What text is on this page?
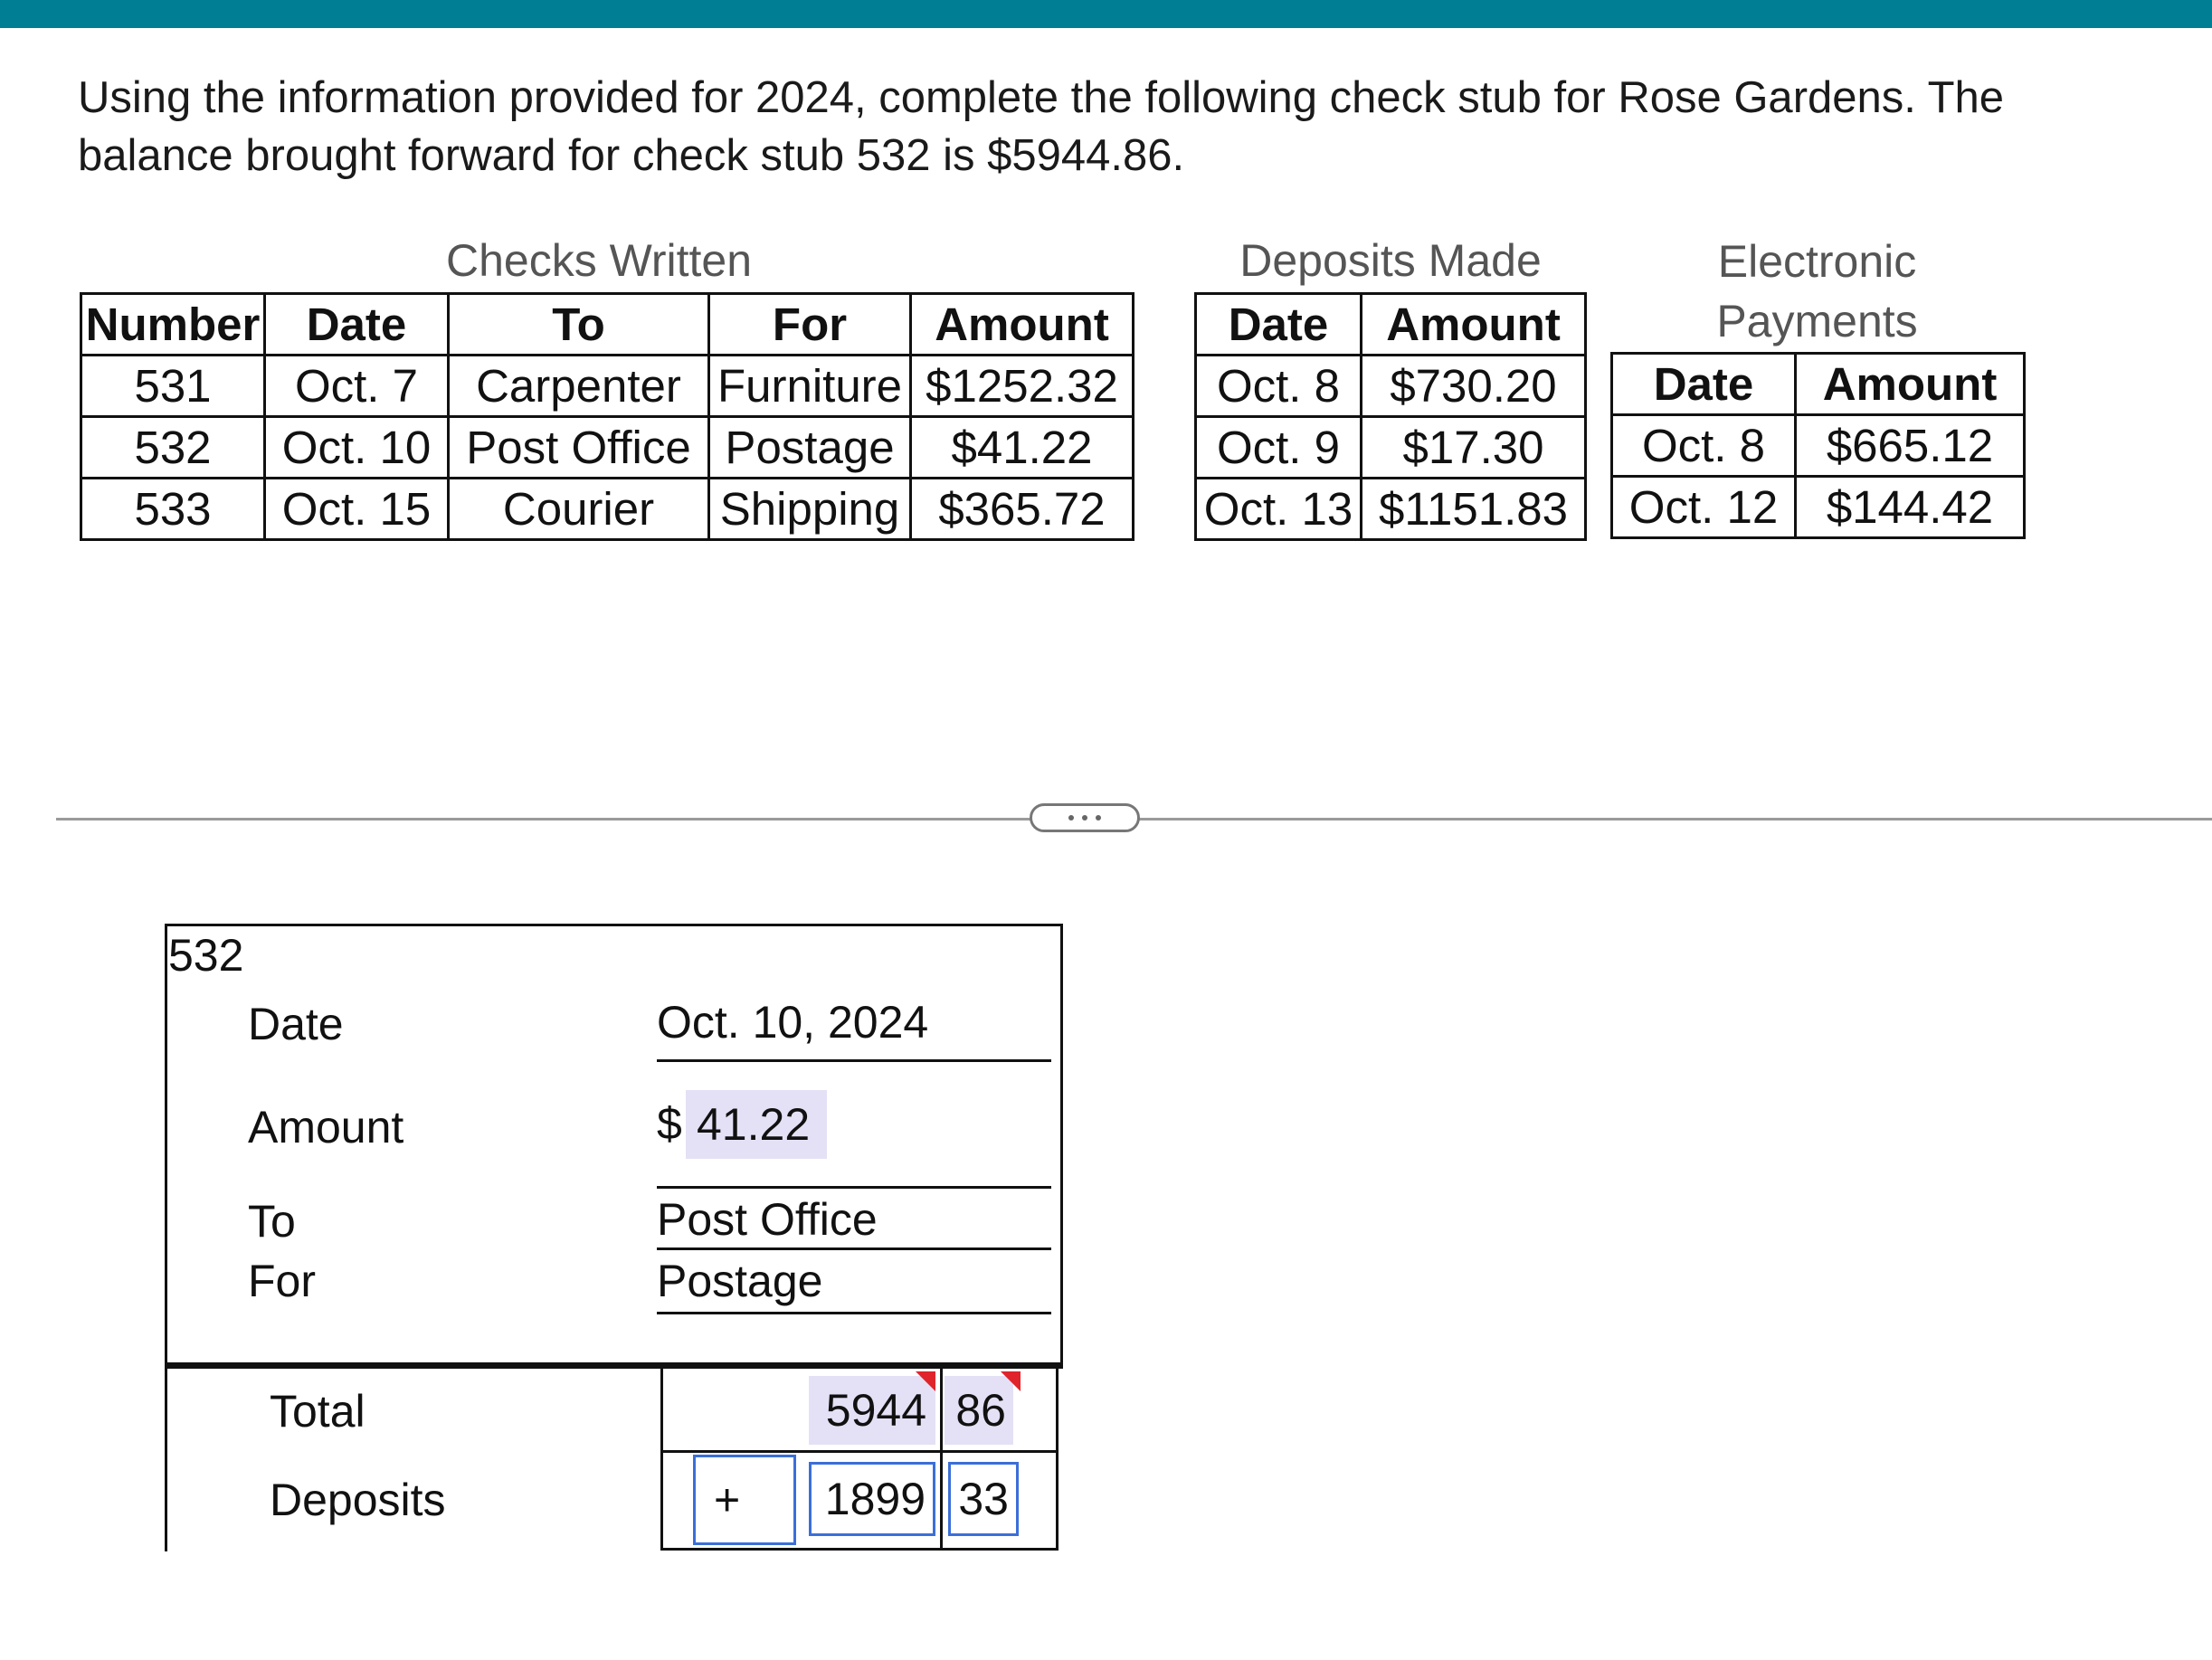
Using the information provided for 2024, complete the following check stub for Rose Gardens. The balance brought forward for check stub 532 is $5944.86.

Checks Written
Number	Date	To	For	Amount
531	Oct. 7	Carpenter	Furniture	$1252.32
532	Oct. 10	Post Office	Postage	$41.22
533	Oct. 15	Courier	Shipping	$365.72
Deposits Made
Date	Amount
Oct. 8	$730.20
Oct. 9	$17.30
Oct. 13	$1151.83
Electronic
Payments
Date	Amount
Oct. 8	$665.12
Oct. 12	$144.42
532
Date	Oct. 10, 2024
Amount	$ 41.22
To	Post Office
For	Postage
Total	5944 86
Deposits	+	1899 33
